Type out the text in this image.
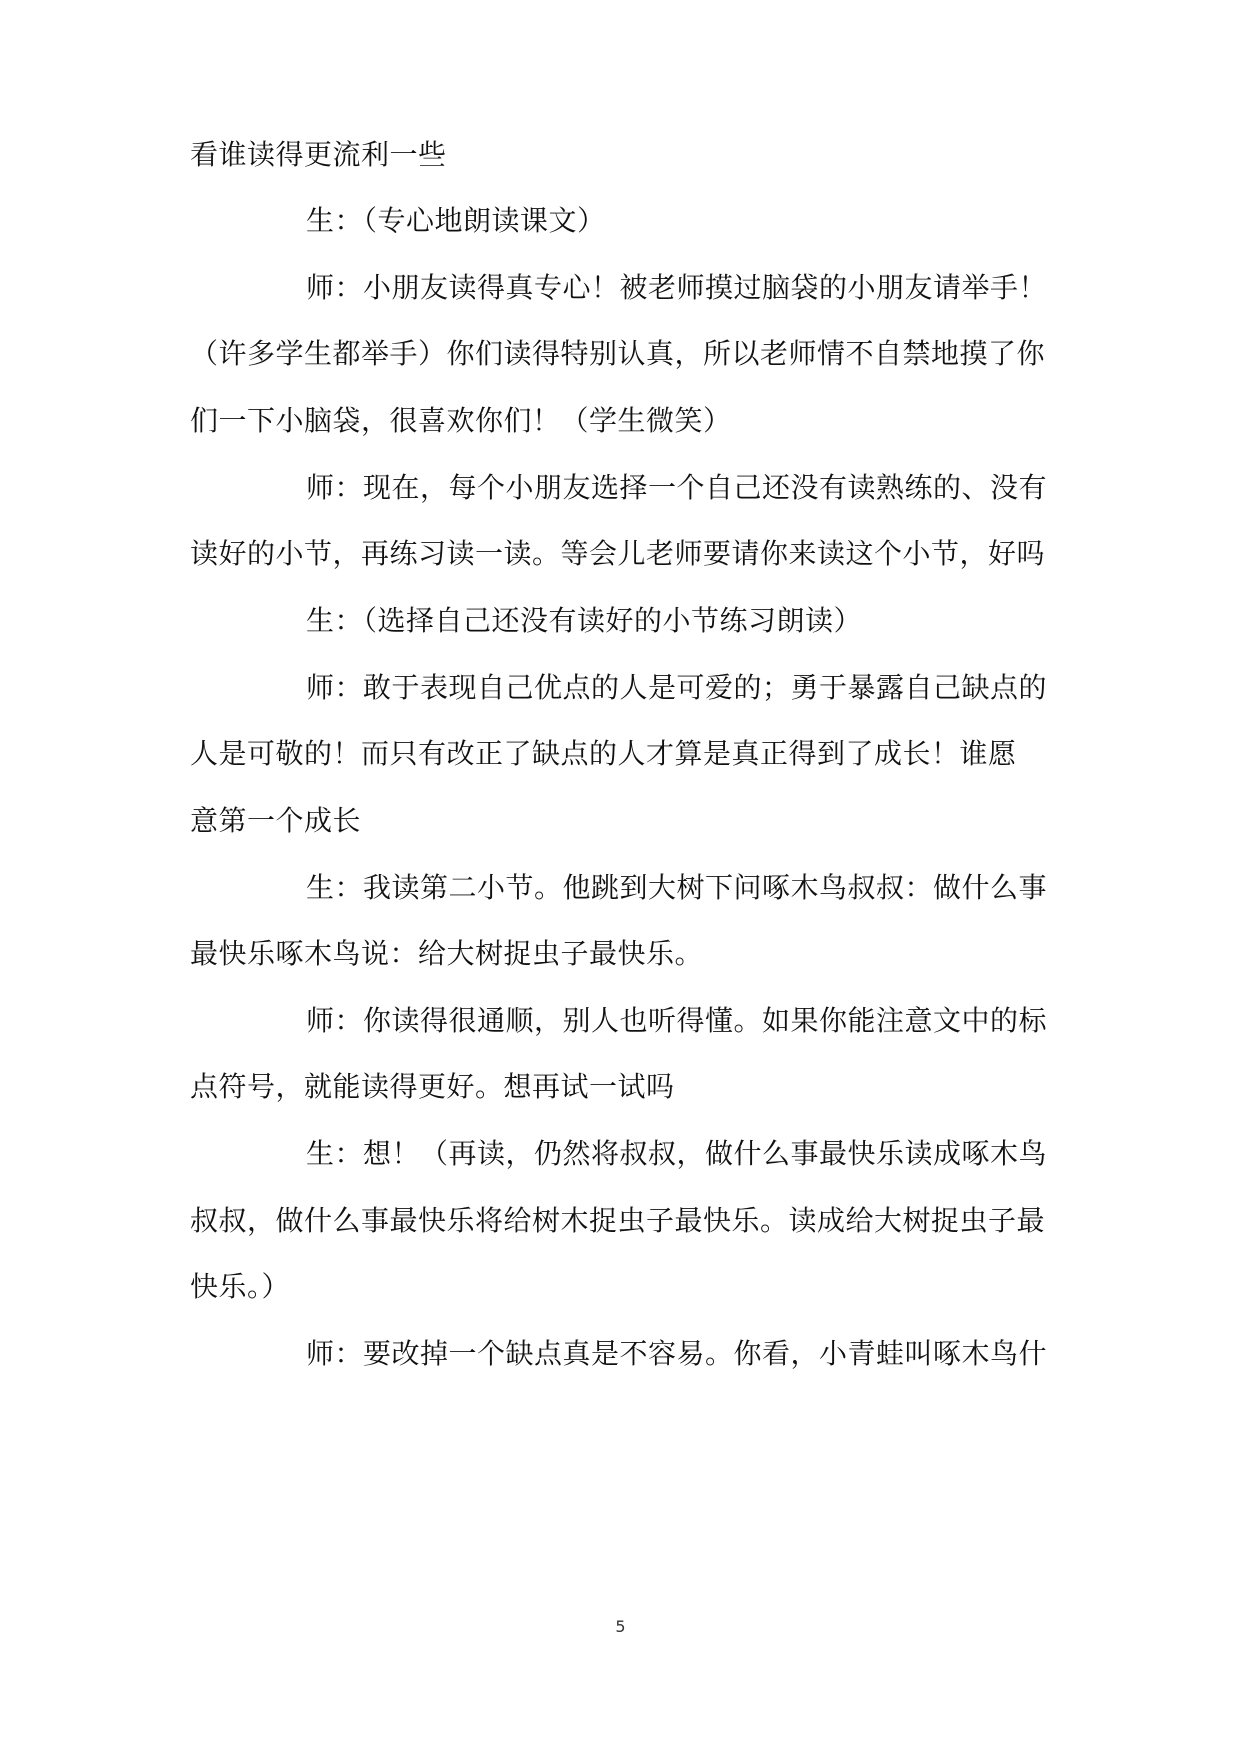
看谁读得更流利一些
生：（专心地朗读课文）
师：小朋友读得真专心！被老师摸过脑袋的小朋友请举手！
（许多学生都举手）你们读得特别认真，所以老师情不自禁地摸了你
们一下小脑袋，很喜欢你们！（学生微笑）
师：现在，每个小朋友选择一个自己还没有读熟练的、没有
读好的小节，再练习读一读。等会儿老师要请你来读这个小节，好吗
生：（选择自己还没有读好的小节练习朗读）
师：敢于表现自己优点的人是可爱的；勇于暴露自己缺点的
人是可敬的！而只有改正了缺点的人才算是真正得到了成长！谁愿
意第一个成长
生：我读第二小节。他跳到大树下问啄木鸟叔叔：做什么事
最快乐啄木鸟说：给大树捉虫子最快乐。
师：你读得很通顺，别人也听得懂。如果你能注意文中的标
点符号，就能读得更好。想再试一试吗
生：想！（再读，仍然将叔叔，做什么事最快乐读成啄木鸟
叔叔，做什么事最快乐将给树木捉虫子最快乐。读成给大树捉虫子最
快乐。）
师：要改掉一个缺点真是不容易。你看，小青蛙叫啄木鸟什
5
